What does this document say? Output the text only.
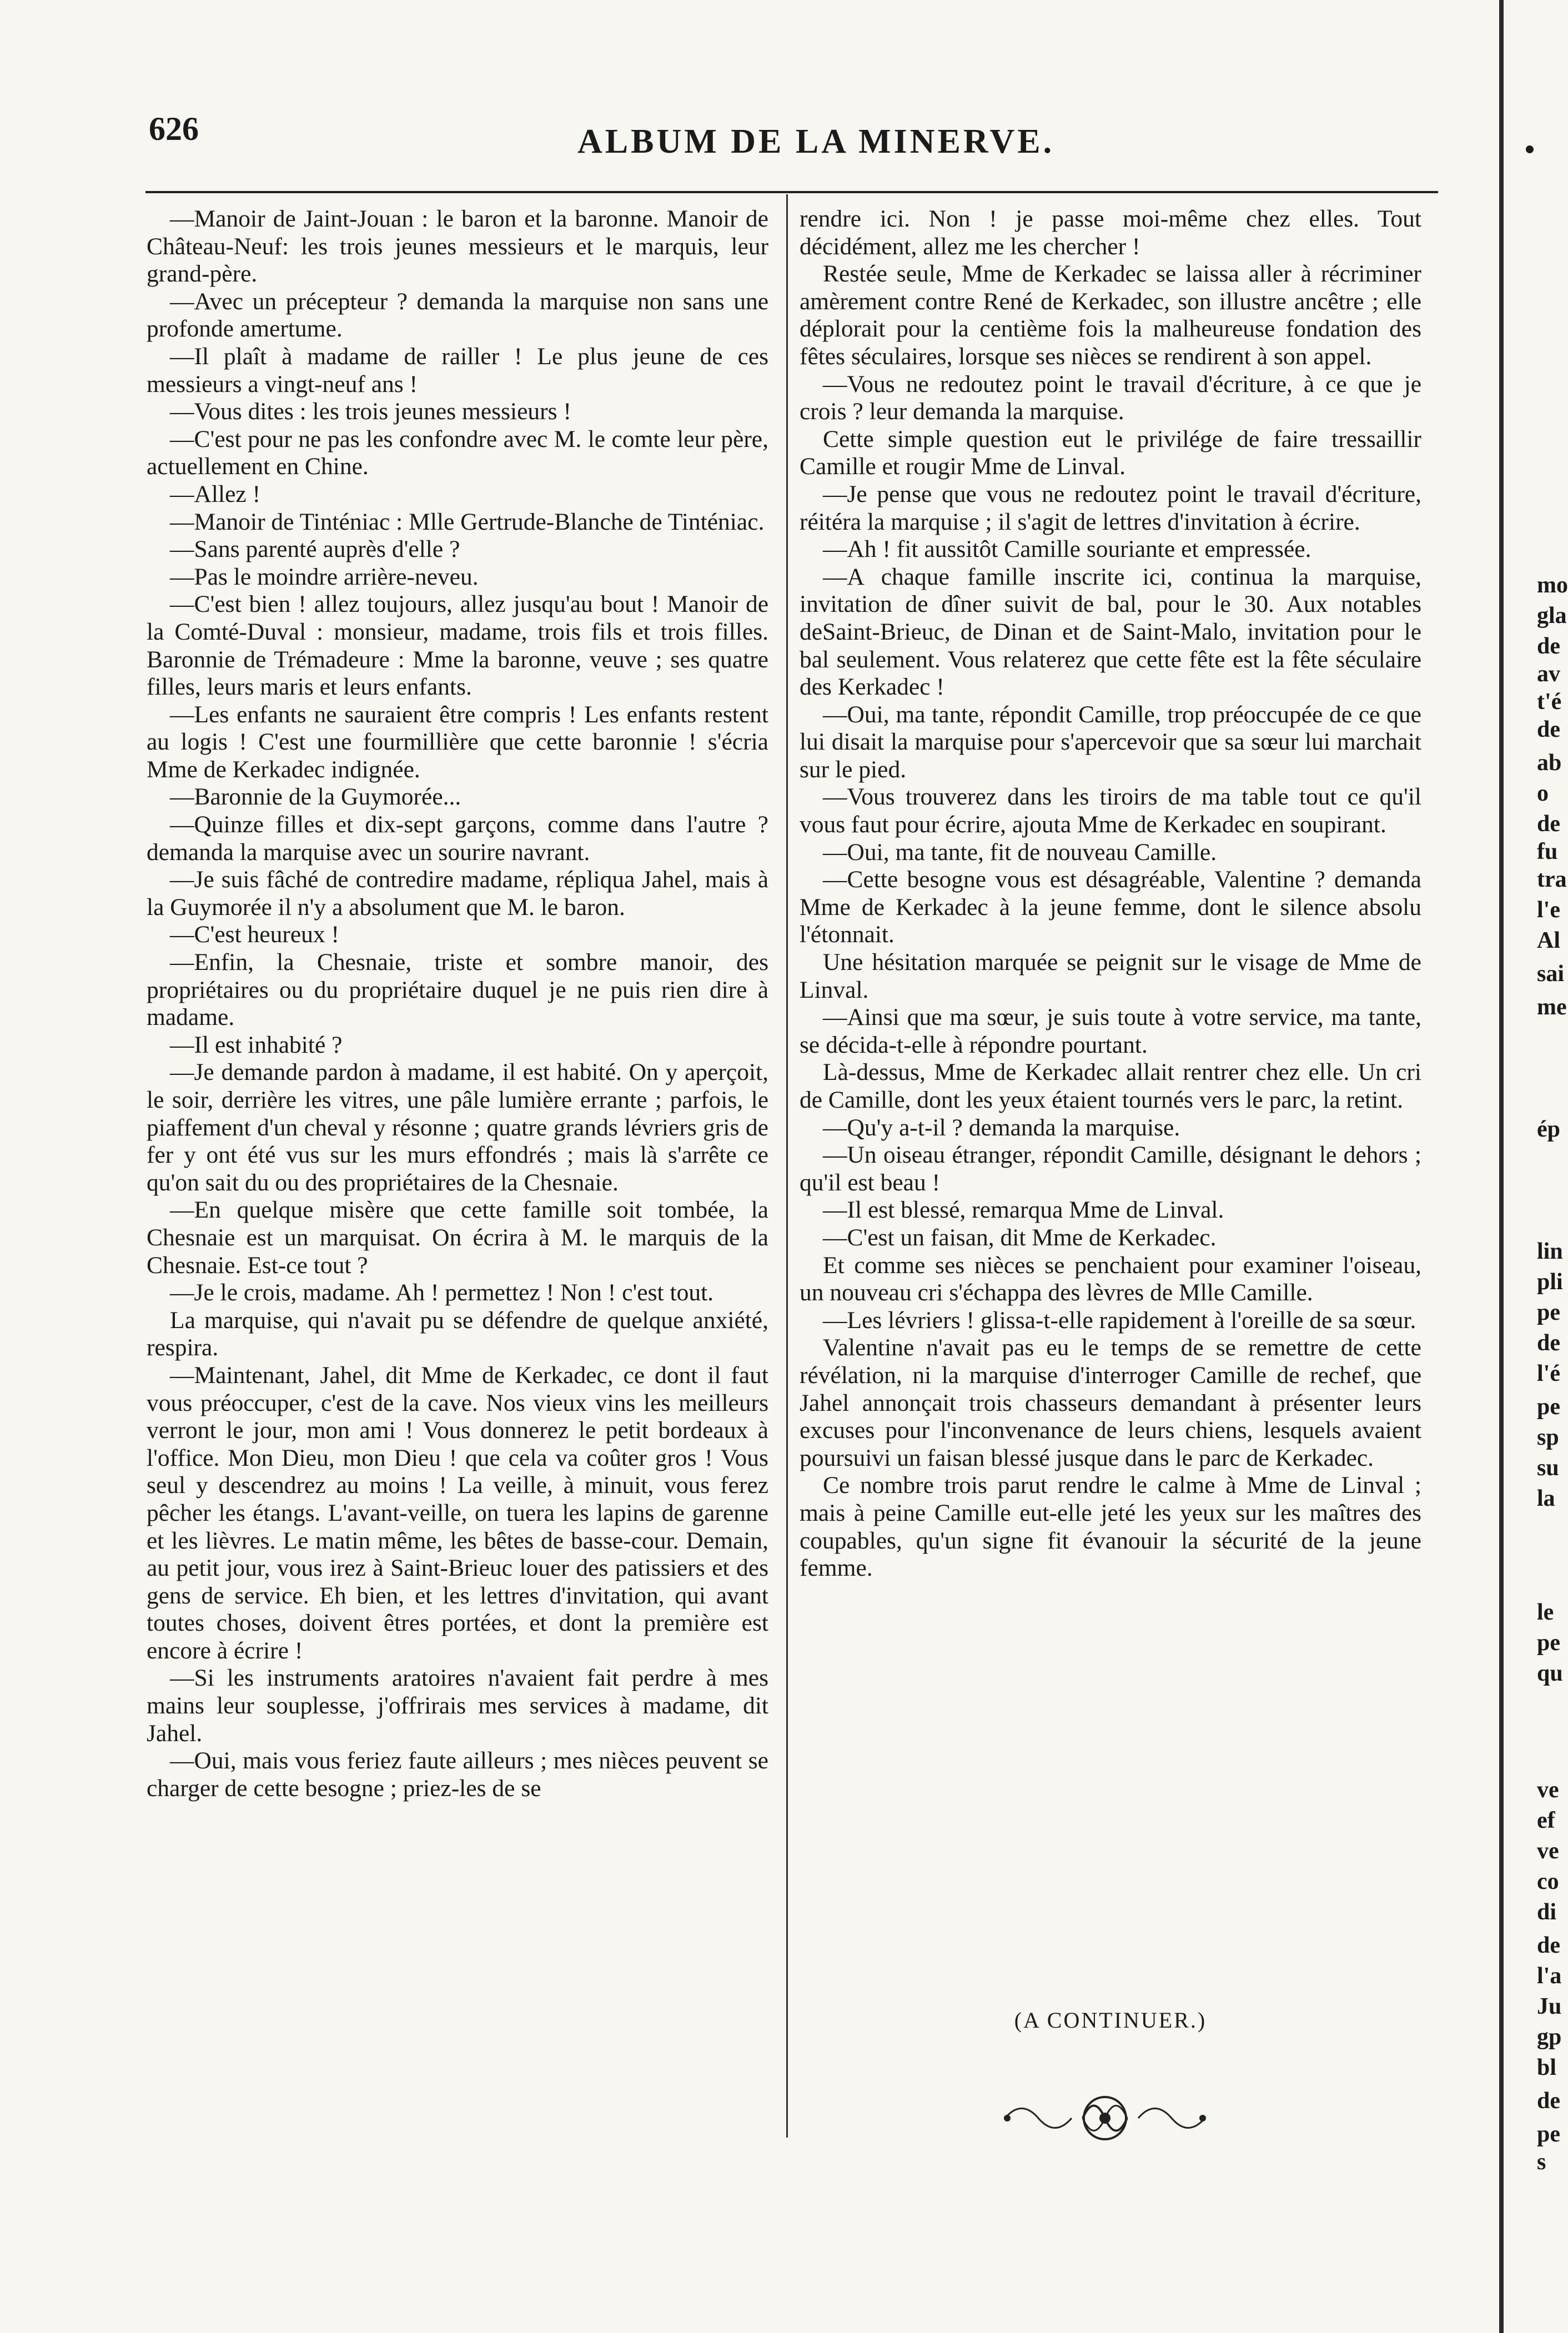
626	ALBUM DE LA MINERVE.

—Manoir de Jaint-Jouan : le baron et la baronne. Manoir de Château-Neuf: les trois jeunes messieurs et le marquis, leur grand-père.

—Avec un précepteur ? demanda la marquise non sans une profonde amertume.

—Il plaît à madame de railler ! Le plus jeune de ces messieurs a vingt-neuf ans !

—Vous dites : les trois jeunes messieurs !

—C'est pour ne pas les confondre avec M. le comte leur père, actuellement en Chine.

—Allez !

—Manoir de Tinténiac : Mlle Gertrude-Blanche de Tinténiac.

—Sans parenté auprès d'elle ?

—Pas le moindre arrière-neveu.

—C'est bien ! allez toujours, allez jusqu'au bout ! Manoir de la Comté-Duval : monsieur, madame, trois fils et trois filles. Baronnie de Trémadeure : Mme la baronne, veuve ; ses quatre filles, leurs maris et leurs enfants.

—Les enfants ne sauraient être compris ! Les enfants restent au logis ! C'est une fourmillière que cette baronnie ! s'écria Mme de Kerkadec indignée.

—Baronnie de la Guymorée...

—Quinze filles et dix-sept garçons, comme dans l'autre ? demanda la marquise avec un sourire navrant.

—Je suis fâché de contredire madame, répliqua Jahel, mais à la Guymorée il n'y a absolument que M. le baron.

—C'est heureux !

—Enfin, la Chesnaie, triste et sombre manoir, des propriétaires ou du propriétaire duquel je ne puis rien dire à madame.

—Il est inhabité ?

—Je demande pardon à madame, il est habité. On y aperçoit, le soir, derrière les vitres, une pâle lumière errante ; parfois, le piaffement d'un cheval y résonne ; quatre grands lévriers gris de fer y ont été vus sur les murs effondrés ; mais là s'arrête ce qu'on sait du ou des propriétaires de la Chesnaie.

—En quelque misère que cette famille soit tombée, la Chesnaie est un marquisat. On écrira à M. le marquis de la Chesnaie. Est-ce tout ?

—Je le crois, madame. Ah ! permettez ! Non ! c'est tout.

La marquise, qui n'avait pu se défendre de quelque anxiété, respira.

—Maintenant, Jahel, dit Mme de Kerkadec, ce dont il faut vous préoccuper, c'est de la cave. Nos vieux vins les meilleurs verront le jour, mon ami ! Vous donnerez le petit bordeaux à l'office. Mon Dieu, mon Dieu ! que cela va coûter gros ! Vous seul y descendrez au moins ! La veille, à minuit, vous ferez pêcher les étangs. L'avant-veille, on tuera les lapins de garenne et les lièvres. Le matin même, les bêtes de basse-cour. Demain, au petit jour, vous irez à Saint-Brieuc louer des patissiers et des gens de service. Eh bien, et les lettres d'invitation, qui avant toutes choses, doivent êtres portées, et dont la première est encore à écrire !

—Si les instruments aratoires n'avaient fait perdre à mes mains leur souplesse, j'offrirais mes services à madame, dit Jahel.

—Oui, mais vous feriez faute ailleurs ; mes nièces peuvent se charger de cette besogne ; priez-les de se

rendre ici. Non ! je passe moi-même chez elles. Tout décidément, allez me les chercher !

Restée seule, Mme de Kerkadec se laissa aller à récriminer amèrement contre René de Kerkadec, son illustre ancêtre ; elle déplorait pour la centième fois la malheureuse fondation des fêtes séculaires, lorsque ses nièces se rendirent à son appel.

—Vous ne redoutez point le travail d'écriture, à ce que je crois ? leur demanda la marquise.

Cette simple question eut le privilége de faire tressaillir Camille et rougir Mme de Linval.

—Je pense que vous ne redoutez point le travail d'écriture, réitéra la marquise ; il s'agit de lettres d'invitation à écrire.

—Ah ! fit aussitôt Camille souriante et empressée.

—A chaque famille inscrite ici, continua la marquise, invitation de dîner suivit de bal, pour le 30. Aux notables deSaint-Brieuc, de Dinan et de Saint-Malo, invitation pour le bal seulement. Vous relaterez que cette fête est la fête séculaire des Kerkadec !

—Oui, ma tante, répondit Camille, trop préoccupée de ce que lui disait la marquise pour s'apercevoir que sa sœur lui marchait sur le pied.

—Vous trouverez dans les tiroirs de ma table tout ce qu'il vous faut pour écrire, ajouta Mme de Kerkadec en soupirant.

—Oui, ma tante, fit de nouveau Camille.

—Cette besogne vous est désagréable, Valentine ? demanda Mme de Kerkadec à la jeune femme, dont le silence absolu l'étonnait.

Une hésitation marquée se peignit sur le visage de Mme de Linval.

—Ainsi que ma sœur, je suis toute à votre service, ma tante, se décida-t-elle à répondre pourtant.

Là-dessus, Mme de Kerkadec allait rentrer chez elle. Un cri de Camille, dont les yeux étaient tournés vers le parc, la retint.

—Qu'y a-t-il ? demanda la marquise.

—Un oiseau étranger, répondit Camille, désignant le dehors ; qu'il est beau !

—Il est blessé, remarqua Mme de Linval.

—C'est un faisan, dit Mme de Kerkadec.

Et comme ses nièces se penchaient pour examiner l'oiseau, un nouveau cri s'échappa des lèvres de Mlle Camille.

—Les lévriers ! glissa-t-elle rapidement à l'oreille de sa sœur.

Valentine n'avait pas eu le temps de se remettre de cette révélation, ni la marquise d'interroger Camille de rechef, que Jahel annonçait trois chasseurs demandant à présenter leurs excuses pour l'inconvenance de leurs chiens, lesquels avaient poursuivi un faisan blessé jusque dans le parc de Kerkadec.

Ce nombre trois parut rendre le calme à Mme de Linval ; mais à peine Camille eut-elle jeté les yeux sur les maîtres des coupables, qu'un signe fit évanouir la sécurité de la jeune femme.

(A CONTINUER.)
mo
gla
de
av
t'é
de
ab
o
de
fu
tra
l'e
Al
sai
me
ép
lin
pli
pe
de
l'é
pe
sp
su
la
le
pe
qu
ve
ef
ve
co
di
de
l'a
Ju
gp
bl
de
pe
s
